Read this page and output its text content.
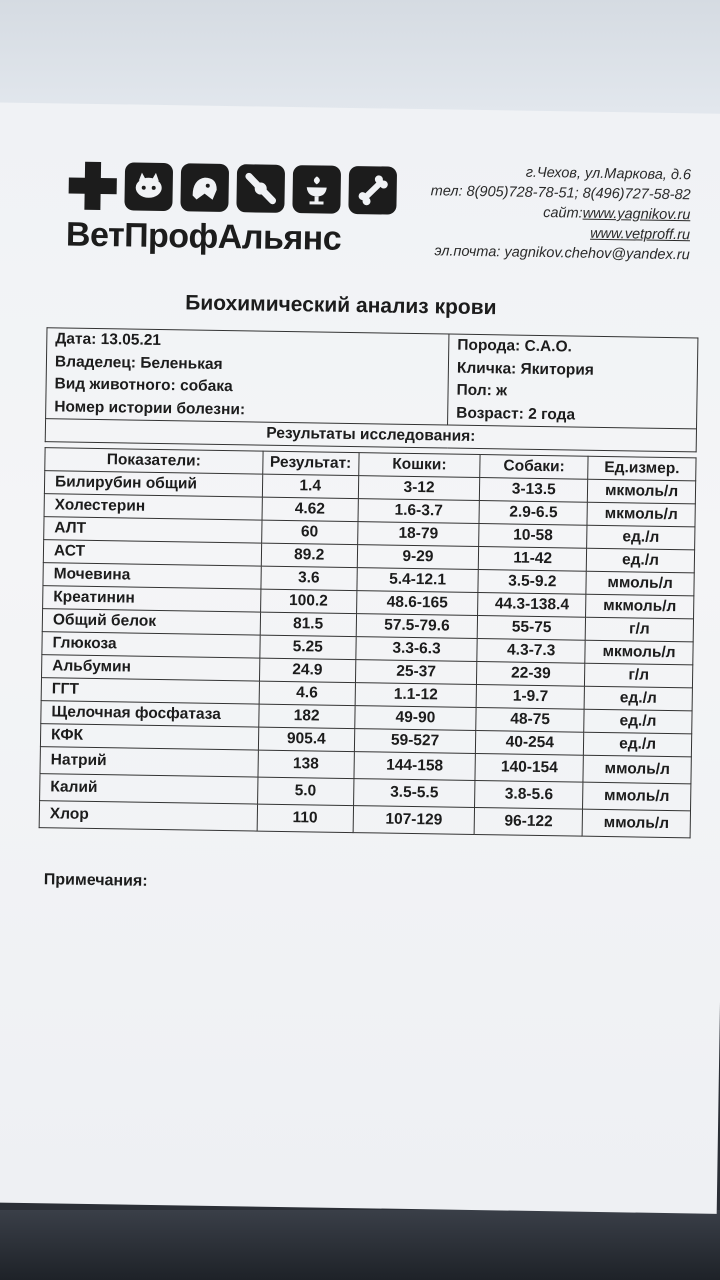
ВетПрофАльянс
г.Чехов, ул.Маркова, д.6
тел: 8(905)728-78-51; 8(496)727-58-82
сайт:www.yagnikov.ru
www.vetproff.ru
эл.почта: yagnikov.chehov@yandex.ru
Биохимический анализ крови
Дата: 13.05.21
Владелец: Беленькая
Вид животного: собака
Номер истории болезни:

Порода: С.А.О.
Кличка: Якитория
Пол: ж
Возраст: 2 года

Результаты исследования:
Показатели:	Результат:	Кошки:	Собаки:	Ед.измер.
Билирубин общий	1.4	3-12	3-13.5	мкмоль/л
Холестерин	4.62	1.6-3.7	2.9-6.5	мкмоль/л
АЛТ	60	18-79	10-58	ед./л
АСТ	89.2	9-29	11-42	ед./л
Мочевина	3.6	5.4-12.1	3.5-9.2	ммоль/л
Креатинин	100.2	48.6-165	44.3-138.4	мкмоль/л
Общий белок	81.5	57.5-79.6	55-75	г/л
Глюкоза	5.25	3.3-6.3	4.3-7.3	мкмоль/л
Альбумин	24.9	25-37	22-39	г/л
ГГТ	4.6	1.1-12	1-9.7	ед./л
Щелочная фосфатаза	182	49-90	48-75	ед./л
КФК	905.4	59-527	40-254	ед./л
Натрий	138	144-158	140-154	ммоль/л
Калий	5.0	3.5-5.5	3.8-5.6	ммоль/л
Хлор	110	107-129	96-122	ммоль/л
Примечания:
